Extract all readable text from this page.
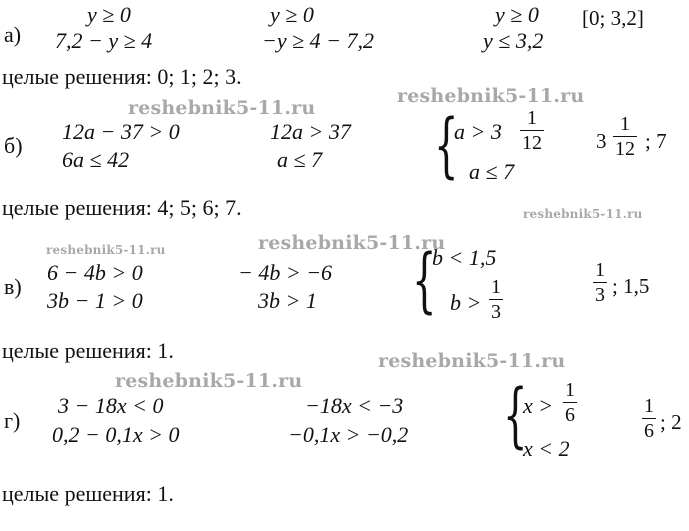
reshebnik5-11.ru
reshebnik5-11.ru
reshebnik5-11.ru
reshebnik5-11.ru	reshebnik5-11.ru
reshebnik5-11.ru
reshebnik5-11.ru
а)
y ≥ 0
7,2 − y ≥ 4
y ≥ 0
−y ≥ 4 − 7,2
y ≥ 0
y ≤ 3,2
[0; 3,2]
целые решения: 0; 1; 2; 3.
б)
12a − 37 > 0
6a ≤ 42
12a > 37
a ≤ 7 {
a > 3
1
12
a ≤ 7
3
1
12 ; 7
целые решения: 4; 5; 6; 7.
в)
6 − 4b > 0
3b − 1 > 0
− 4b > −6
3b > 1 {
b < 1,5
b >
1
3
1
3 ; 1,5
целые решения: 1.
г)
3 − 18x < 0
0,2 − 0,1x > 0
−18x < −3
−0,1x > −0,2 {
x >
1
6
x < 2
1
6 ; 2
целые решения: 1.
